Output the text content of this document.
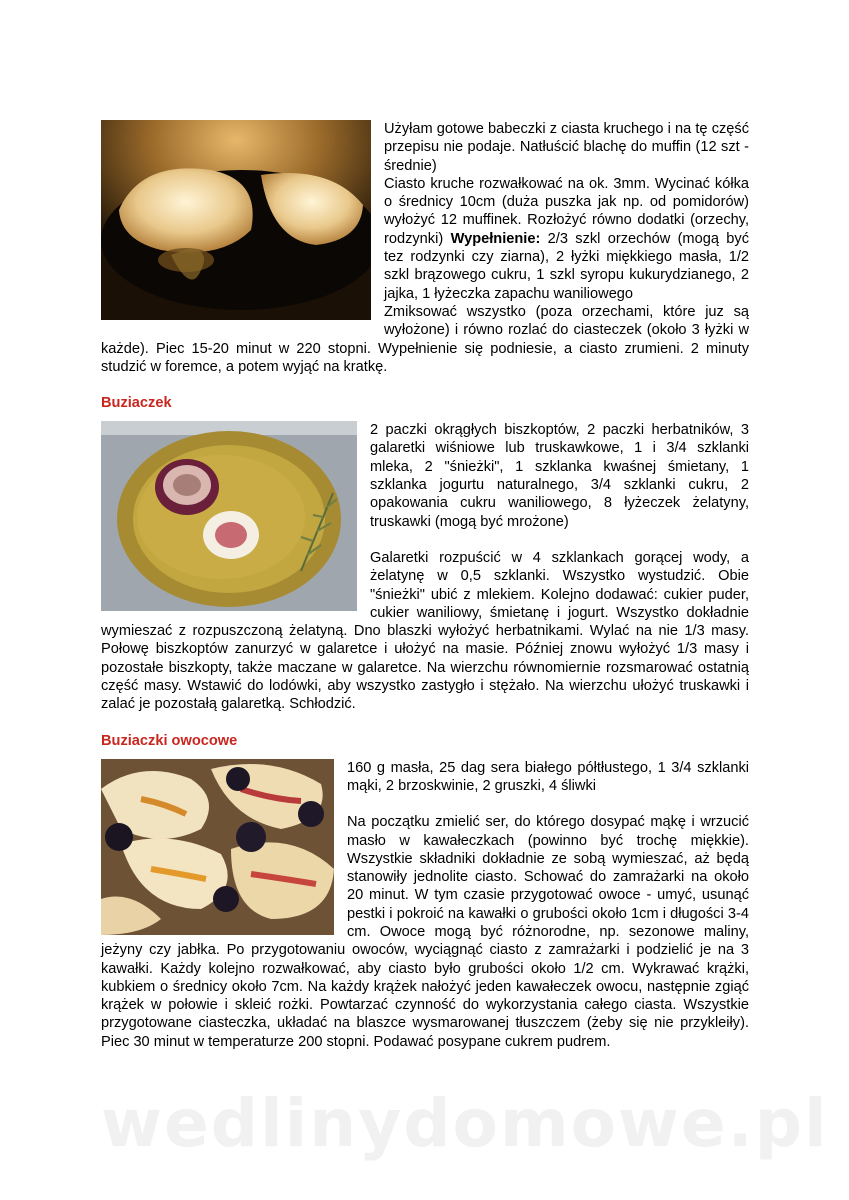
Użyłam gotowe babeczki z ciasta kruchego i na tę część przepisu nie podaje. Natłuścić blachę do muffin (12 szt - średnie)

Ciasto kruche rozwałkować na ok. 3mm. Wycinać kółka o średnicy 10cm (duża puszka jak np. od pomidorów) wyłożyć 12 muffinek. Rozłożyć równo dodatki (orzechy, rodzynki) Wypełnienie: 2/3 szkl orzechów (mogą być tez rodzynki czy ziarna), 2 łyżki miękkiego masła, 1/2 szkl brązowego cukru, 1 szkl syropu kukurydzianego, 2 jajka, 1 łyżeczka zapachu waniliowego

Zmiksować wszystko (poza orzechami, które juz są wyłożone) i równo rozlać do ciasteczek (około 3 łyżki w każde). Piec 15-20 minut w 220 stopni. Wypełnienie się podniesie, a ciasto zrumieni. 2 minuty studzić w foremce, a potem wyjąć na kratkę.

Buziaczek

2 paczki okrągłych biszkoptów, 2 paczki herbatników, 3 galaretki wiśniowe lub truskawkowe, 1 i 3/4 szklanki mleka, 2 "śnieżki", 1 szklanka kwaśnej śmietany, 1 szklanka jogurtu naturalnego, 3/4 szklanki cukru, 2 opakowania cukru waniliowego, 8 łyżeczek żelatyny, truskawki (mogą być mrożone)

Galaretki rozpuścić w 4 szklankach gorącej wody, a żelatynę w 0,5 szklanki. Wszystko wystudzić. Obie "śnieżki" ubić z mlekiem. Kolejno dodawać: cukier puder, cukier waniliowy, śmietanę i jogurt. Wszystko dokładnie wymieszać z rozpuszczoną żelatyną. Dno blaszki wyłożyć herbatnikami. Wylać na nie 1/3 masy. Połowę biszkoptów zanurzyć w galaretce i ułożyć na masie. Później znowu wyłożyć 1/3 masy i pozostałe biszkopty, także maczane w galaretce. Na wierzchu równomiernie rozsmarować ostatnią część masy. Wstawić do lodówki, aby wszystko zastygło i stężało. Na wierzchu ułożyć truskawki i zalać je pozostałą galaretką. Schłodzić.

Buziaczki owocowe

160 g masła, 25 dag sera białego półtłustego, 1 3/4 szklanki mąki, 2 brzoskwinie, 2 gruszki, 4 śliwki

Na początku zmielić ser, do którego dosypać mąkę i wrzucić masło w kawałeczkach (powinno być trochę miękkie). Wszystkie składniki dokładnie ze sobą wymieszać, aż będą stanowiły jednolite ciasto. Schować do zamrażarki na około 20 minut. W tym czasie przygotować owoce - umyć, usunąć pestki i pokroić na kawałki o grubości około 1cm i długości 3-4 cm. Owoce mogą być różnorodne, np. sezonowe maliny, jeżyny czy jabłka. Po przygotowaniu owoców, wyciągnąć ciasto z zamrażarki i podzielić je na 3 kawałki. Każdy kolejno rozwałkować, aby ciasto było grubości około 1/2 cm. Wykrawać krążki, kubkiem o średnicy około 7cm. Na każdy krążek nałożyć jeden kawałeczek owocu, następnie zgiąć krążek w połowie i skleić rożki. Powtarzać czynność do wykorzystania całego ciasta. Wszystkie przygotowane ciasteczka, układać na blaszce wysmarowanej tłuszczem (żeby się nie przykleiły). Piec 30 minut w temperaturze 200 stopni. Podawać posypane cukrem pudrem.

wedlinydomowe.pl
